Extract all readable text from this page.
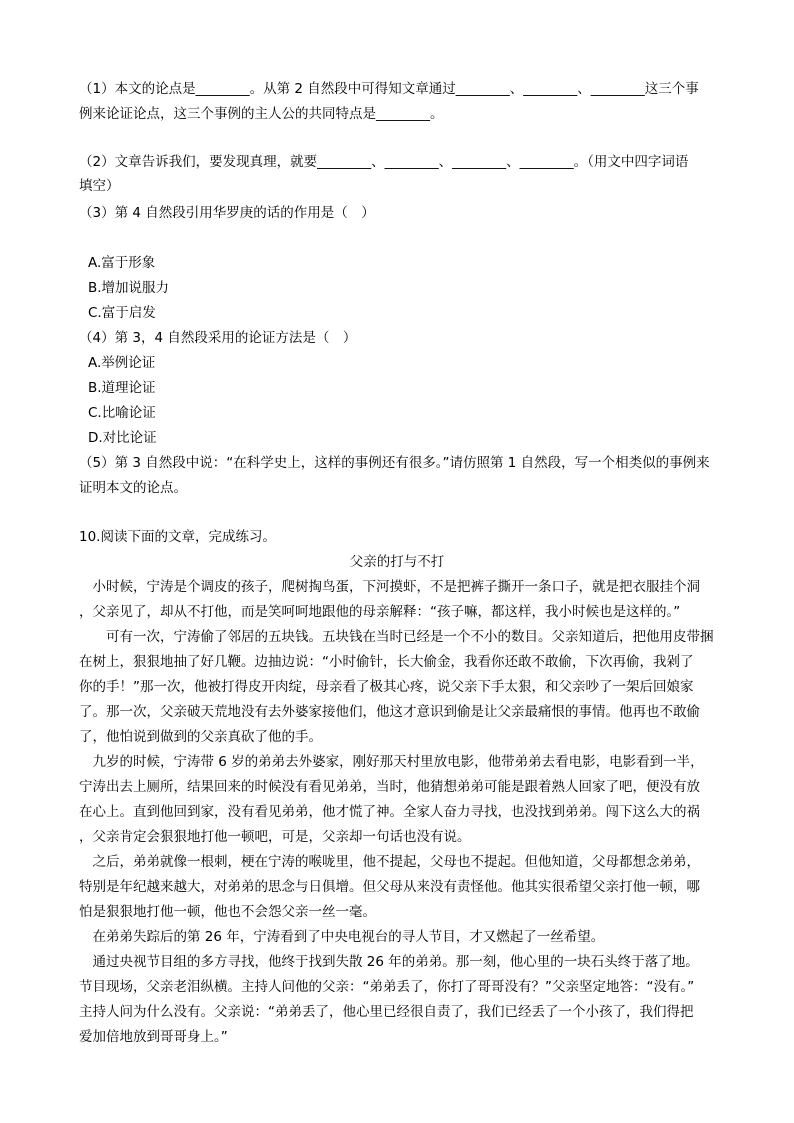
（1）本文的论点是________。从第 2 自然段中可得知文章通过________、________、________这三个事
例来论证论点，这三个事例的主人公的共同特点是________。
（2）文章告诉我们，要发现真理，就要________、________、________、________。（用文中四字词语
填空）
（3）第 4 自然段引用华罗庚的话的作用是（　）
A.富于形象
B.增加说服力
C.富于启发
（4）第 3，4 自然段采用的论证方法是（　）
A.举例论证
B.道理论证
C.比喻论证
D.对比论证
（5）第 3 自然段中说：“在科学史上，这样的事例还有很多。”请仿照第 1 自然段，写一个相类似的事例来
证明本文的论点。
10.阅读下面的文章，完成练习。
父亲的打与不打
　小时候，宁涛是个调皮的孩子，爬树掏鸟蛋，下河摸虾，不是把裤子撕开一条口子，就是把衣服挂个洞
，父亲见了，却从不打他，而是笑呵呵地跟他的母亲解释：“孩子嘛，都这样，我小时候也是这样的。”
　　可有一次，宁涛偷了邻居的五块钱。五块钱在当时已经是一个不小的数目。父亲知道后，把他用皮带捆
在树上，狠狠地抽了好几鞭。边抽边说：“小时偷针，长大偷金，我看你还敢不敢偷，下次再偷，我剁了
你的手！”那一次，他被打得皮开肉绽，母亲看了极其心疼，说父亲下手太狠，和父亲吵了一架后回娘家
了。那一次，父亲破天荒地没有去外婆家接他们，他这才意识到偷是让父亲最痛恨的事情。他再也不敢偷
了，他怕说到做到的父亲真砍了他的手。
　九岁的时候，宁涛带 6 岁的弟弟去外婆家，刚好那天村里放电影，他带弟弟去看电影，电影看到一半，
宁涛出去上厕所，结果回来的时候没有看见弟弟，当时，他猜想弟弟可能是跟着熟人回家了吧，便没有放
在心上。直到他回到家，没有看见弟弟，他才慌了神。全家人奋力寻找，也没找到弟弟。闯下这么大的祸
，父亲肯定会狠狠地打他一顿吧，可是，父亲却一句话也没有说。
　之后，弟弟就像一根刺，梗在宁涛的喉咙里，他不提起，父母也不提起。但他知道，父母都想念弟弟，
特别是年纪越来越大，对弟弟的思念与日俱增。但父母从来没有责怪他。他其实很希望父亲打他一顿，哪
怕是狠狠地打他一顿，他也不会怨父亲一丝一毫。
　在弟弟失踪后的第 26 年，宁涛看到了中央电视台的寻人节目，才又燃起了一丝希望。
　通过央视节目组的多方寻找，他终于找到失散 26 年的弟弟。那一刻，他心里的一块石头终于落了地。
节目现场，父亲老泪纵横。主持人问他的父亲：“弟弟丢了，你打了哥哥没有？”父亲坚定地答：“没有。”
主持人问为什么没有。父亲说：“弟弟丢了，他心里已经很自责了，我们已经丢了一个小孩了，我们得把
爱加倍地放到哥哥身上。”
